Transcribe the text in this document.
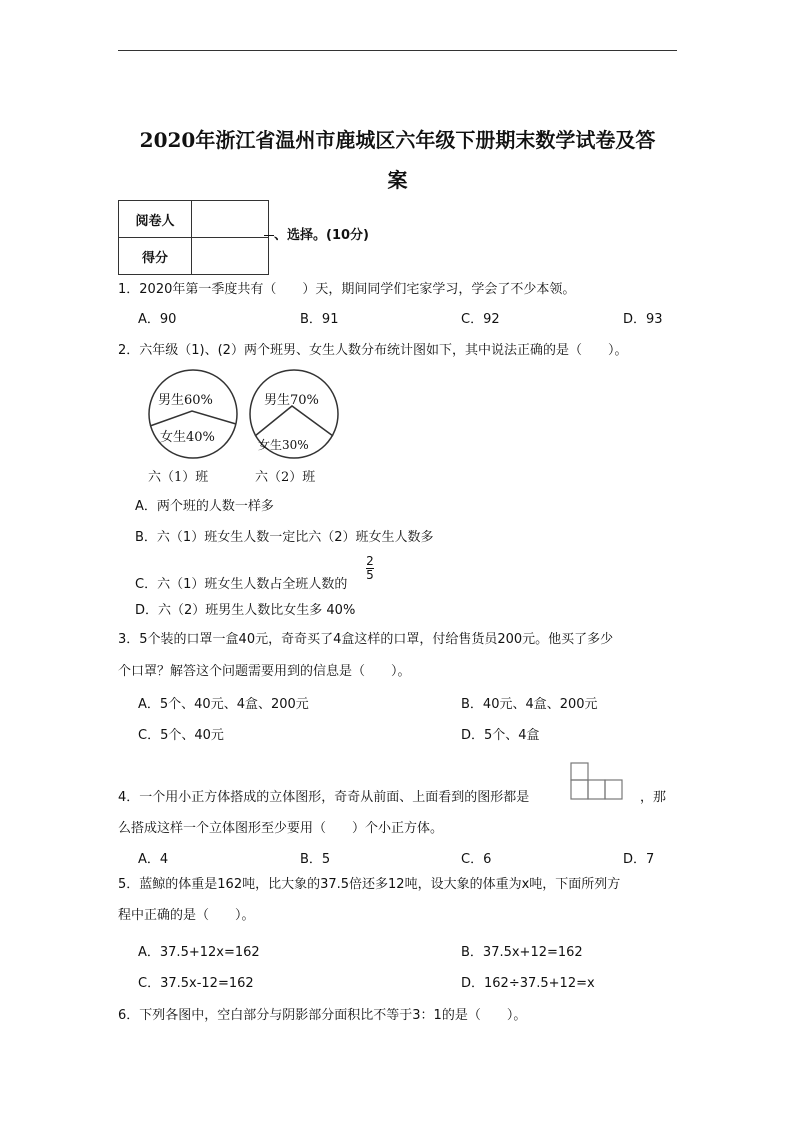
2020年浙江省温州市鹿城区六年级下册期末数学试卷及答
案
阅卷人	
得分	
、选择。(10分)
1．2020年第一季度共有（　　）天，期间同学们宅家学习，学会了不少本领。
A．90	B．91	C．92	D．93
2．六年级（1)、(2）两个班男、女生人数分布统计图如下，其中说法正确的是（　　）。
男生60%
女生40%
男生70%
女生30%
六（1）班	六（2）班
A．两个班的人数一样多
B．六（1）班女生人数一定比六（2）班女生人数多
C．六（1）班女生人数占全班人数的
2
5
D．六（2）班男生人数比女生多 40%
3．5个装的口罩一盒40元，奇奇买了4盒这样的口罩，付给售货员200元。他买了多少
个口罩？解答这个问题需要用到的信息是（　　）。
A．5个、40元、4盒、200元	B．40元、4盒、200元
C．5个、40元	D．5个、4盒
4．一个用小正方体搭成的立体图形，奇奇从前面、上面看到的图形都是	，那
么搭成这样一个立体图形至少要用（　　）个小正方体。
A．4	B．5	C．6	D．7
5．蓝鲸的体重是162吨，比大象的37.5倍还多12吨，设大象的体重为x吨，下面所列方
程中正确的是（　　）。
A．37.5+12x=162	B．37.5x+12=162
C．37.5x-12=162	D．162÷37.5+12=x
6．下列各图中，空白部分与阴影部分面积比不等于3：1的是（　　）。
